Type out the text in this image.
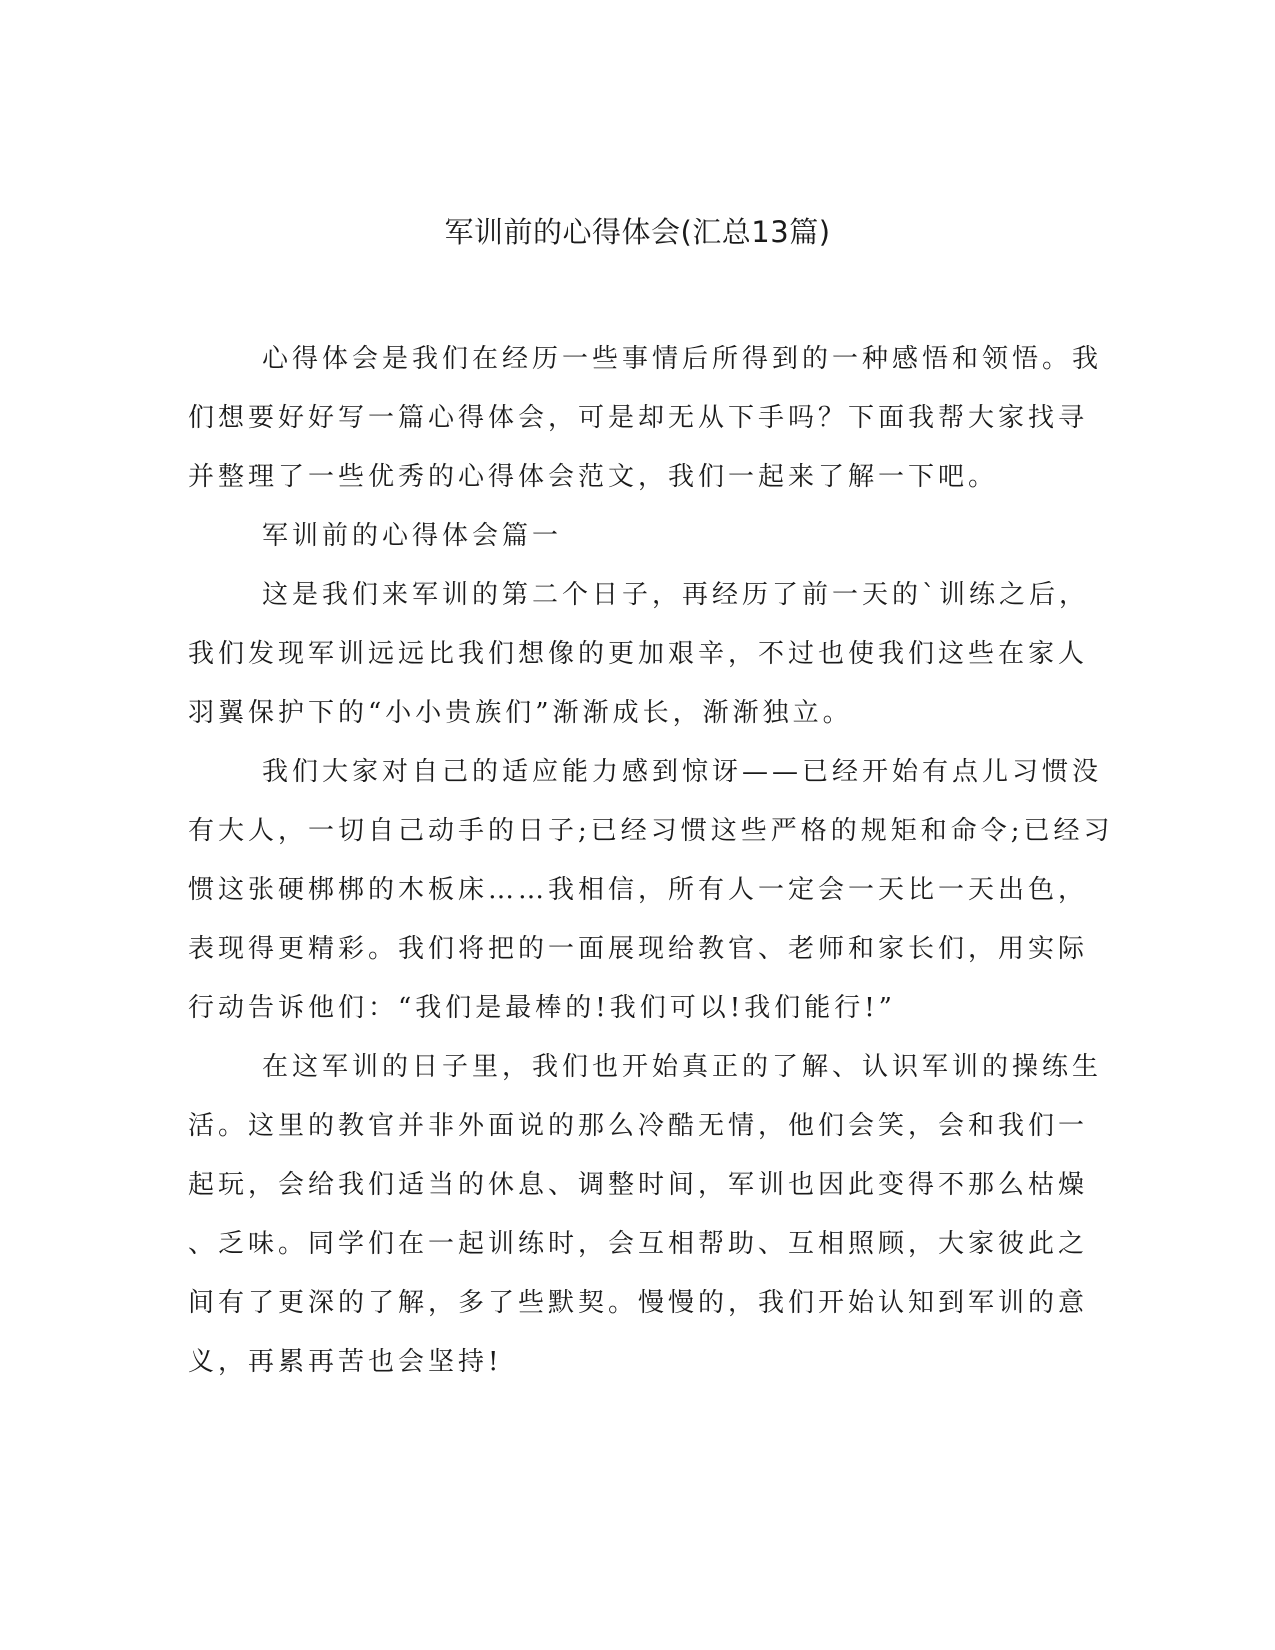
军训前的心得体会(汇总13篇)
心得体会是我们在经历一些事情后所得到的一种感悟和领悟。我
们想要好好写一篇心得体会，可是却无从下手吗？下面我帮大家找寻
并整理了一些优秀的心得体会范文，我们一起来了解一下吧。
军训前的心得体会篇一
这是我们来军训的第二个日子，再经历了前一天的`训练之后，
我们发现军训远远比我们想像的更加艰辛，不过也使我们这些在家人
羽翼保护下的“小小贵族们”渐渐成长，渐渐独立。
我们大家对自己的适应能力感到惊讶——已经开始有点儿习惯没
有大人，一切自己动手的日子;已经习惯这些严格的规矩和命令;已经习
惯这张硬梆梆的木板床……我相信，所有人一定会一天比一天出色，
表现得更精彩。我们将把的一面展现给教官、老师和家长们，用实际
行动告诉他们：“我们是最棒的!我们可以!我们能行!”
在这军训的日子里，我们也开始真正的了解、认识军训的操练生
活。这里的教官并非外面说的那么冷酷无情，他们会笑，会和我们一
起玩，会给我们适当的休息、调整时间，军训也因此变得不那么枯燥
、乏味。同学们在一起训练时，会互相帮助、互相照顾，大家彼此之
间有了更深的了解，多了些默契。慢慢的，我们开始认知到军训的意
义，再累再苦也会坚持!
